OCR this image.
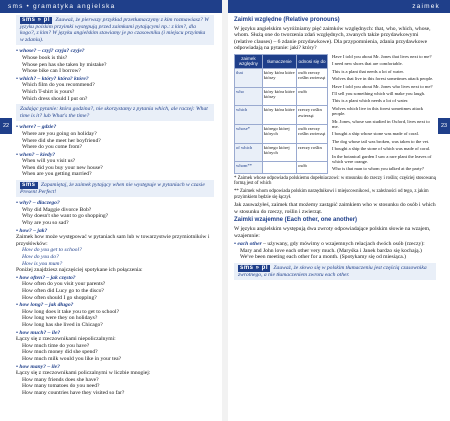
sms • gramatyka angielska	zaimek
22	23
sms » pl Zauważ, że pierwszy przykład przetłumaczymy z kim rozmawiasz? W języku polskim przyimki występują przed zaimkami pytającymi np.: z kim?, dla kogo?, z kim? W języku angielskim stawiamy je po czasowniku (i miejscu przyimka w zdaniu).
• whose? – czyj? czyja? czyje?
Whose book is this?
Whose pen has she taken by mistake?
Whose bike can I borrow?
• which? – który? która? które?
Which film do you recommend?
Which T-shirt is yours?
Which dress should I put on?
Zadając pytanie: która godzina?, nie skorzystamy z pytania which, ale raczej: What time is it? lub What's the time?
• where? – gdzie?
Where are you going on holiday?
Where did she meet her boyfriend?
Where do you come from?
• when? – kiedy?
When will you visit us?
When did you buy your new house?
When are you getting married?
sms Zapamiętaj, że zaimek pytający when nie występuje w pytaniach w czasie Present Perfect!
• why? – dlaczego?
Why did Maggie divorce Bob?
Why doesn't she want to go shopping?
Why are you so sad?
• how? – jak?
Zaimek how może występować w pytaniach sam lub w towarzystwie przymiotników i przysłówków:
How do you get to school?
How do you do?
How is you mum?
Poniżej znajdziesz najczęściej spotykane ich połączenia:
• how often? – jak często?
How often do you visit your parents?
How often did Lucy go to the disco?
How often should I go shopping?
• how long? – jak długo?
How long does it take you to get to school?
How long were they on holidays?
How long has she lived in Chicago?
• how much? – ile?
Łączy się z rzeczownikami niepoliczalnymi:
How much time do you have?
How much money did she spend?
How much milk would you like in your tea?
• how many? – ile?
Łączy się z rzeczownikami policzalnymi w liczbie mnogiej:
How many friends does she have?
How many tomatoes do you need?
How many countries have they visited so far?
Zaimki względne (Relative pronouns)
W języku angielskim wyróżniamy pięć zaimków względnych: that, who, which, whose, whom. Służą one do tworzenia zdań względnych, zwanych także przydawkowymi (relative clauses) – 6 zdanie przydawkowe). Dla przypomnienia, zdania przydawkowe odpowiadają na pytanie: jaki? który?
zaimek względny	tłumaczenie	odnosi się do
that	który która które którzy	osób rzeczy roślin zwierząt
who	który która które którzy	osób
which	który która które	rzeczy roślin zwierząt
whose*	którego której których	osób rzeczy roślin zwierząt
of which	którego której których	rzeczy roślin
whom**		osób

Have I told you about Mr. Jones that lives next to me?

I need new shoes that are comfortable.

This is a plant that needs a lot of water.

Wolves that live in this forest sometimes attack people.

Have I told you about Mr. Jones who lives next to me?

I'll sell you something which will make you laugh.

This is a plant which needs a lot of water.

Wolves which live in this forest sometimes attack people.

Mr. Jones, whose son studied in Oxford, lives next to me.

I bought a ship whose stone was made of coral.

The dog whose tail was broken, was taken to the vet.

I bought a ship the stone of which was made of coral.

In the botanical garden I saw a rare plant the leaves of which were orange.

Who is that man to whom you talked at the party?

* Zaimek whose odpowiada polskiemu dopełniaczowi: w stosunku do rzeczy i roślin; częściej stosowaną formą jest of which
** Zaimek whom odpowiada polskim narzędnikowi i miejscownikowi, w zależności od tego, z jakim przyimkiem będzie się łączył.
Jak zauważyłeś, zaimek that możemy zastąpić zaimkiem who w stosunku do osób i which w stosunku do rzeczy, roślin i zwierząt.
Zaimki wzajemne (Each other, one another)
W języku angielskim występują dwa zwroty odpowiadające polskim słowie na wzajem, wzajemnie:
• each other – używany, gdy mówimy o wzajemnych relacjach dwóch osób (rzeczy):
Mary and John love each other very much. (Maryśka i Janek bardzo się kochają.)
We've been meeting each other for a month. (Spotykamy się od miesiąca.)
sms » pl Zauważ, że słowo się w polskim tłumaczeniu jest częścią czasownika zwrotnego, a nie tłumaczeniem zwrotu each other.
